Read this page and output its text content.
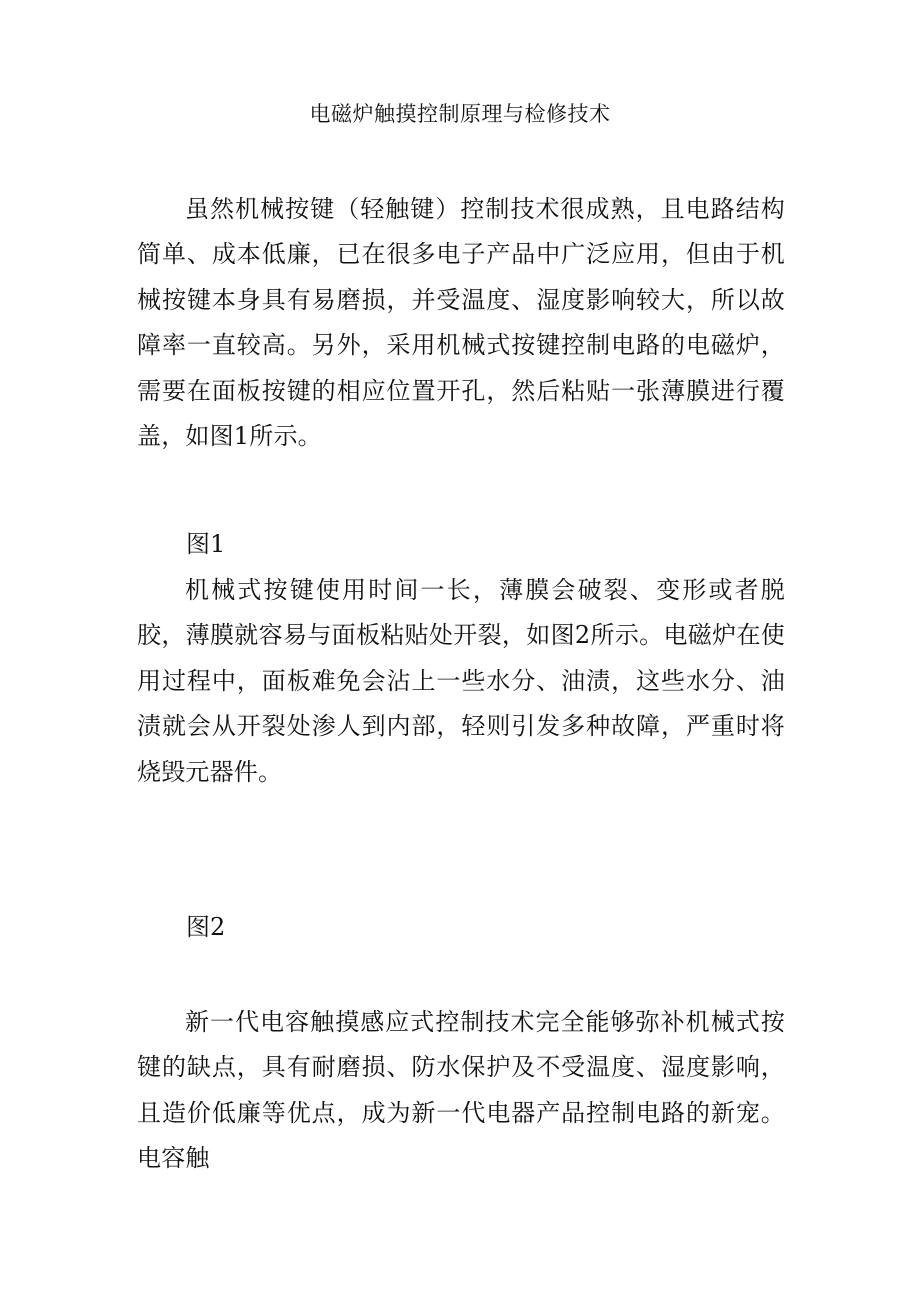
电磁炉触摸控制原理与检修技术
虽然机械按键（轻触键）控制技术很成熟，且电路结构简单、成本低廉，已在很多电子产品中广泛应用，但由于机械按键本身具有易磨损，并受温度、湿度影响较大，所以故障率一直较高。另外，采用机械式按键控制电路的电磁炉，需要在面板按键的相应位置开孔，然后粘贴一张薄膜进行覆盖，如图1所示。
图1
机械式按键使用时间一长，薄膜会破裂、变形或者脱胶，薄膜就容易与面板粘贴处开裂，如图2所示。电磁炉在使用过程中，面板难免会沾上一些水分、油渍，这些水分、油渍就会从开裂处渗人到内部，轻则引发多种故障，严重时将烧毁元器件。
图2
新一代电容触摸感应式控制技术完全能够弥补机械式按键的缺点，具有耐磨损、防水保护及不受温度、湿度影响，且造价低廉等优点，成为新一代电器产品控制电路的新宠。电容触
